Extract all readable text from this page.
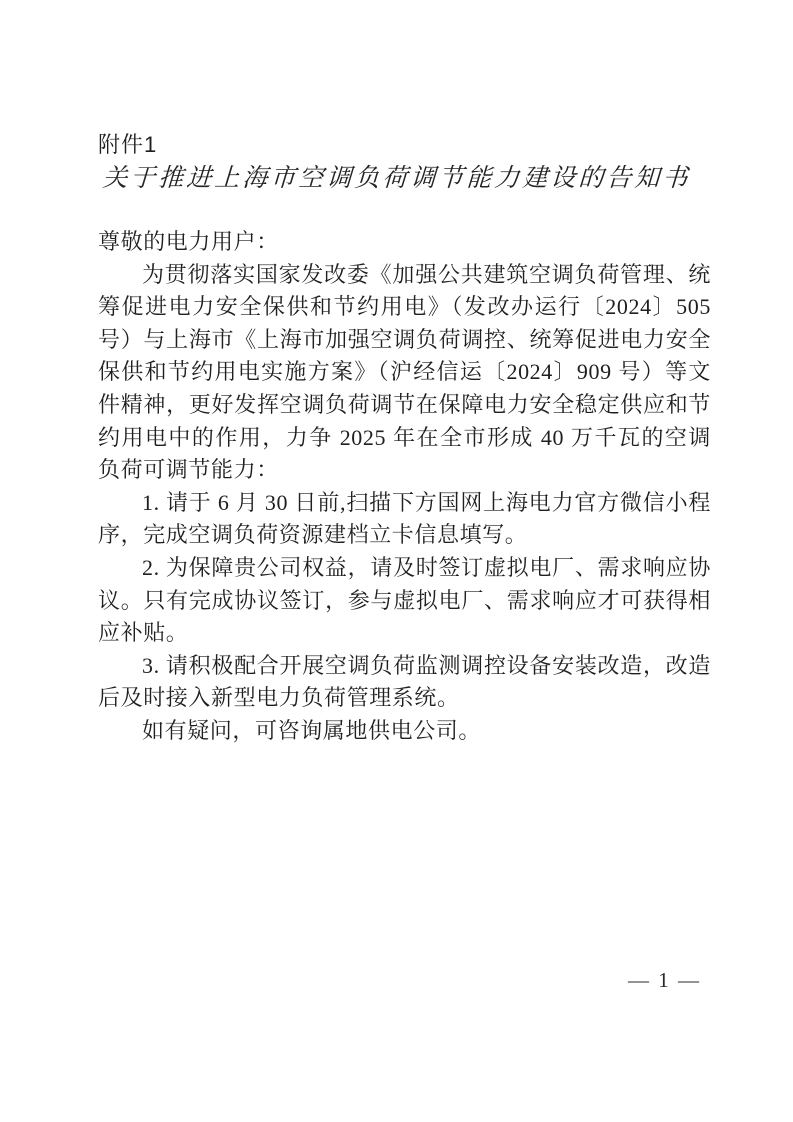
附件1
关于推进上海市空调负荷调节能力建设的告知书

尊敬的电力用户：

为贯彻落实国家发改委《加强公共建筑空调负荷管理、统筹促进电力安全保供和节约用电》（发改办运行〔2024〕505 号）与上海市《上海市加强空调负荷调控、统筹促进电力安全保供和节约用电实施方案》（沪经信运〔2024〕909 号）等文件精神，更好发挥空调负荷调节在保障电力安全稳定供应和节约用电中的作用，力争 2025 年在全市形成 40 万千瓦的空调负荷可调节能力：

1. 请于 6 月 30 日前,扫描下方国网上海电力官方微信小程序，完成空调负荷资源建档立卡信息填写。

2. 为保障贵公司权益，请及时签订虚拟电厂、需求响应协议。只有完成协议签订，参与虚拟电厂、需求响应才可获得相应补贴。

3. 请积极配合开展空调负荷监测调控设备安装改造，改造后及时接入新型电力负荷管理系统。

如有疑问，可咨询属地供电公司。

— 1 —
